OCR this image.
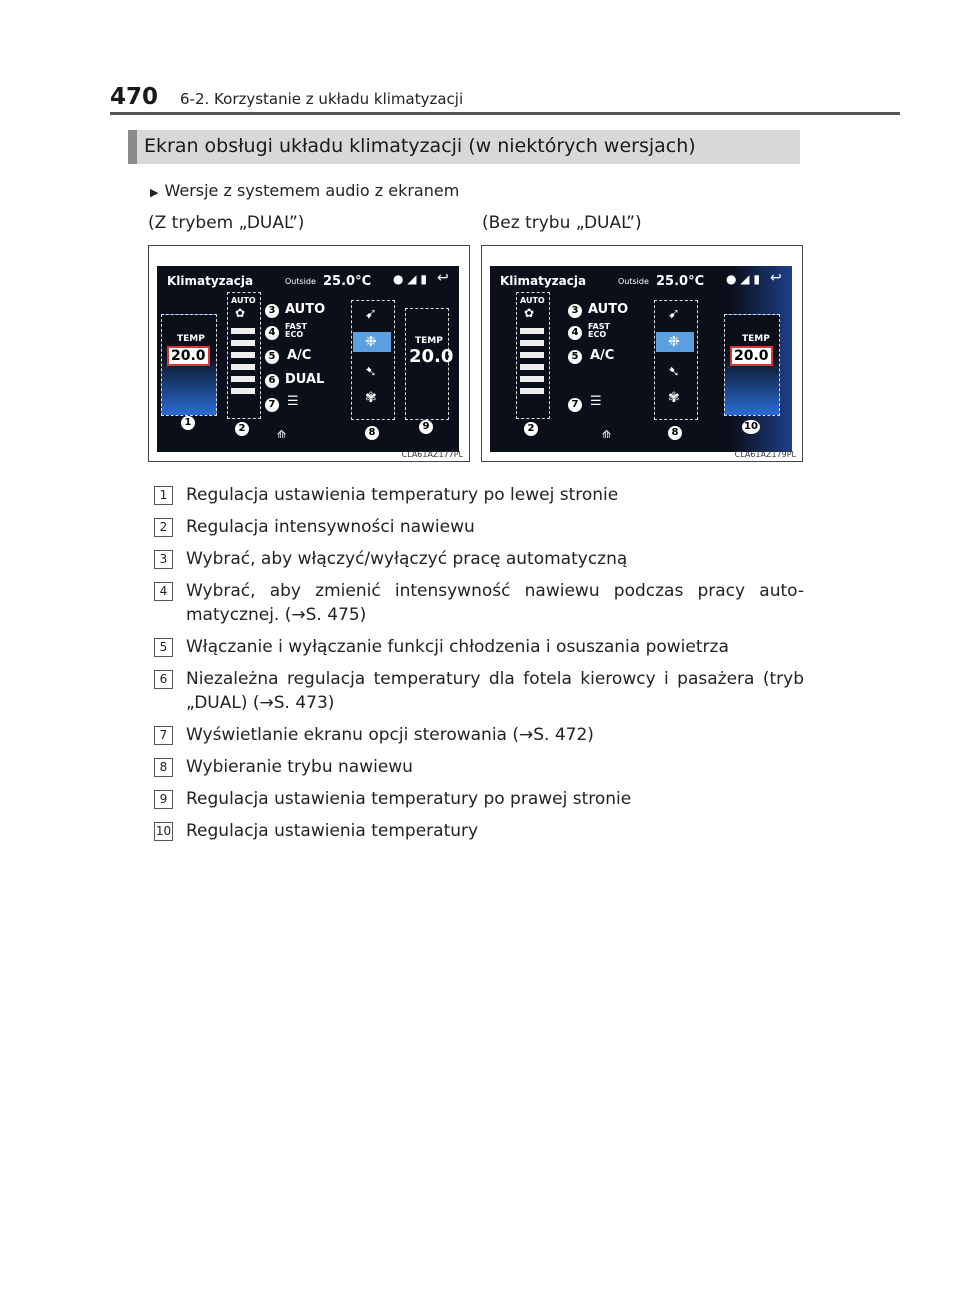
470 6-2. Korzystanie z układu klimatyzacji
Ekran obsługi układu klimatyzacji (w niektórych wersjach)
▶ Wersje z systemem audio z ekranem
(Z trybem „DUAL”)	(Bez trybu „DUAL”)
Klimatyzacja	Outside 25.0°C ● ◢ ▮ ↩
TEMP
20.0
AUTO
✿	AUTO
FAST
ECO
A/C
DUAL
☰
➹
❉
➷
✾
TEMP
20.0
⟰
1
2
3
4
5
6
7
8
9
CLA61AZ177PL
Klimatyzacja	Outside 25.0°C ● ◢ ▮ ↩
AUTO
✿	AUTO
FAST
ECO
A/C
☰
➹
❉
➷
✾
TEMP
20.0
⟰
2
3
4
5
7
8
10
CLA61AZ179PL
1	Regulacja ustawienia temperatury po lewej stronie
2	Regulacja intensywności nawiewu
3	Wybrać, aby włączyć/wyłączyć pracę automatyczną
4	Wybrać, aby zmienić intensywność nawiewu podczas pracy auto-matycznej. (→S. 475)
5	Włączanie i wyłączanie funkcji chłodzenia i osuszania powietrza
6	Niezależna regulacja temperatury dla fotela kierowcy i pasażera (tryb „DUAL) (→S. 473)
7	Wyświetlanie ekranu opcji sterowania (→S. 472)
8	Wybieranie trybu nawiewu
9	Regulacja ustawienia temperatury po prawej stronie
10 Regulacja ustawienia temperatury
